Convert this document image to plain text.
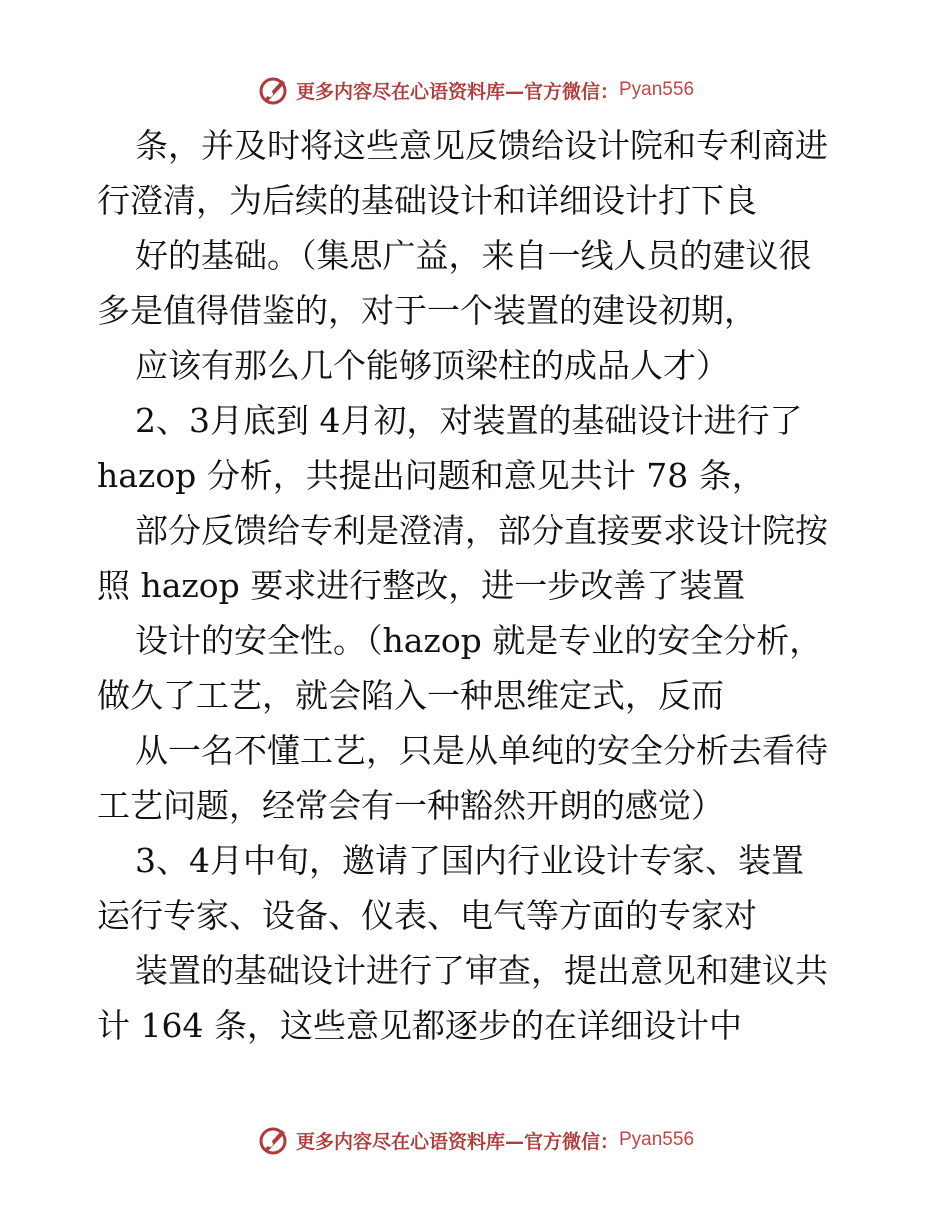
更多内容尽在心语资料库—官方微信： Pyan556
条，并及时将这些意见反馈给设计院和专利商进
行澄清，为后续的基础设计和详细设计打下良
好的基础。（集思广益，来自一线人员的建议很
多是值得借鉴的，对于一个装置的建设初期，
应该有那么几个能够顶梁柱的成品人才）
2、3月底到 4月初，对装置的基础设计进行了
hazop 分析，共提出问题和意见共计 78 条，
部分反馈给专利是澄清，部分直接要求设计院按
照 hazop 要求进行整改，进一步改善了装置
设计的安全性。（hazop 就是专业的安全分析，
做久了工艺，就会陷入一种思维定式，反而
从一名不懂工艺，只是从单纯的安全分析去看待
工艺问题，经常会有一种豁然开朗的感觉）
3、4月中旬，邀请了国内行业设计专家、装置
运行专家、设备、仪表、电气等方面的专家对
装置的基础设计进行了审查，提出意见和建议共
计 164 条，这些意见都逐步的在详细设计中
更多内容尽在心语资料库—官方微信： Pyan556
